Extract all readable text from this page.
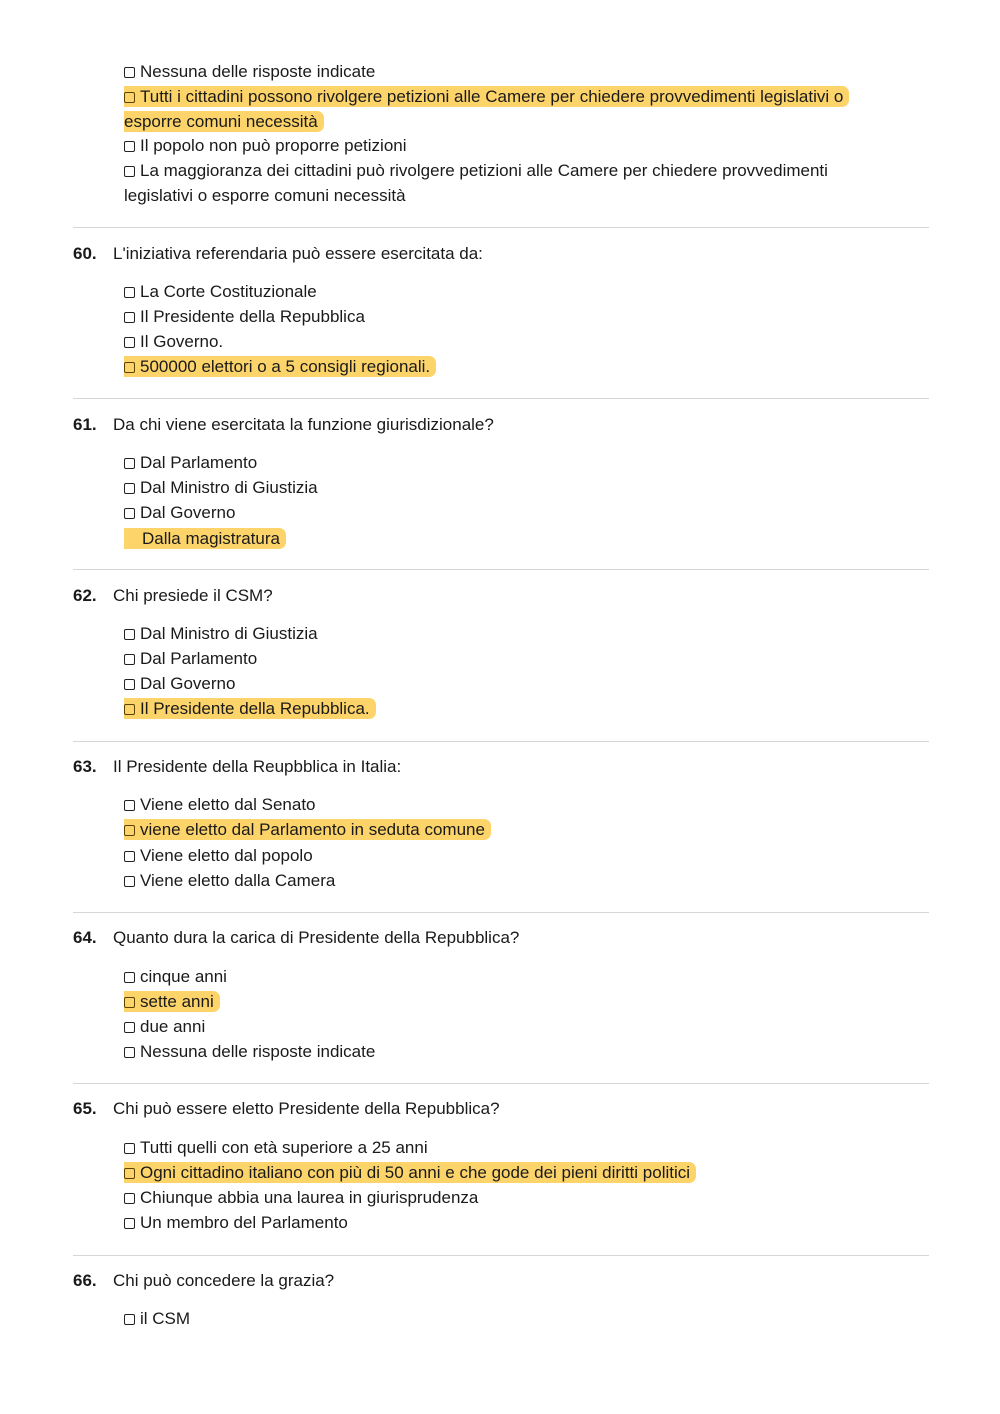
Nessuna delle risposte indicate
Tutti i cittadini possono rivolgere petizioni alle Camere per chiedere provvedimenti legislativi o esporre comuni necessità
Il popolo non può proporre petizioni
La maggioranza dei cittadini può rivolgere petizioni alle Camere per chiedere provvedimenti legislativi o esporre comuni necessità
60. L'iniziativa referendaria può essere esercitata da:
La Corte Costituzionale
Il Presidente della Repubblica
Il Governo.
500000 elettori o a 5 consigli regionali.
61. Da chi viene esercitata la funzione giurisdizionale?
Dal Parlamento
Dal Ministro di Giustizia
Dal Governo
Dalla magistratura
62. Chi presiede il CSM?
Dal Ministro di Giustizia
Dal Parlamento
Dal Governo
Il Presidente della Repubblica.
63. Il Presidente della Reupbblica in Italia:
Viene eletto dal Senato
viene eletto dal Parlamento in seduta comune
Viene eletto dal popolo
Viene eletto dalla Camera
64. Quanto dura la carica di Presidente della Repubblica?
cinque anni
sette anni
due anni
Nessuna delle risposte indicate
65. Chi può essere eletto Presidente della Repubblica?
Tutti quelli con età superiore a 25 anni
Ogni cittadino italiano con più di 50 anni e che gode dei pieni diritti politici
Chiunque abbia una laurea in giurisprudenza
Un membro del Parlamento
66. Chi può concedere la grazia?
il CSM
